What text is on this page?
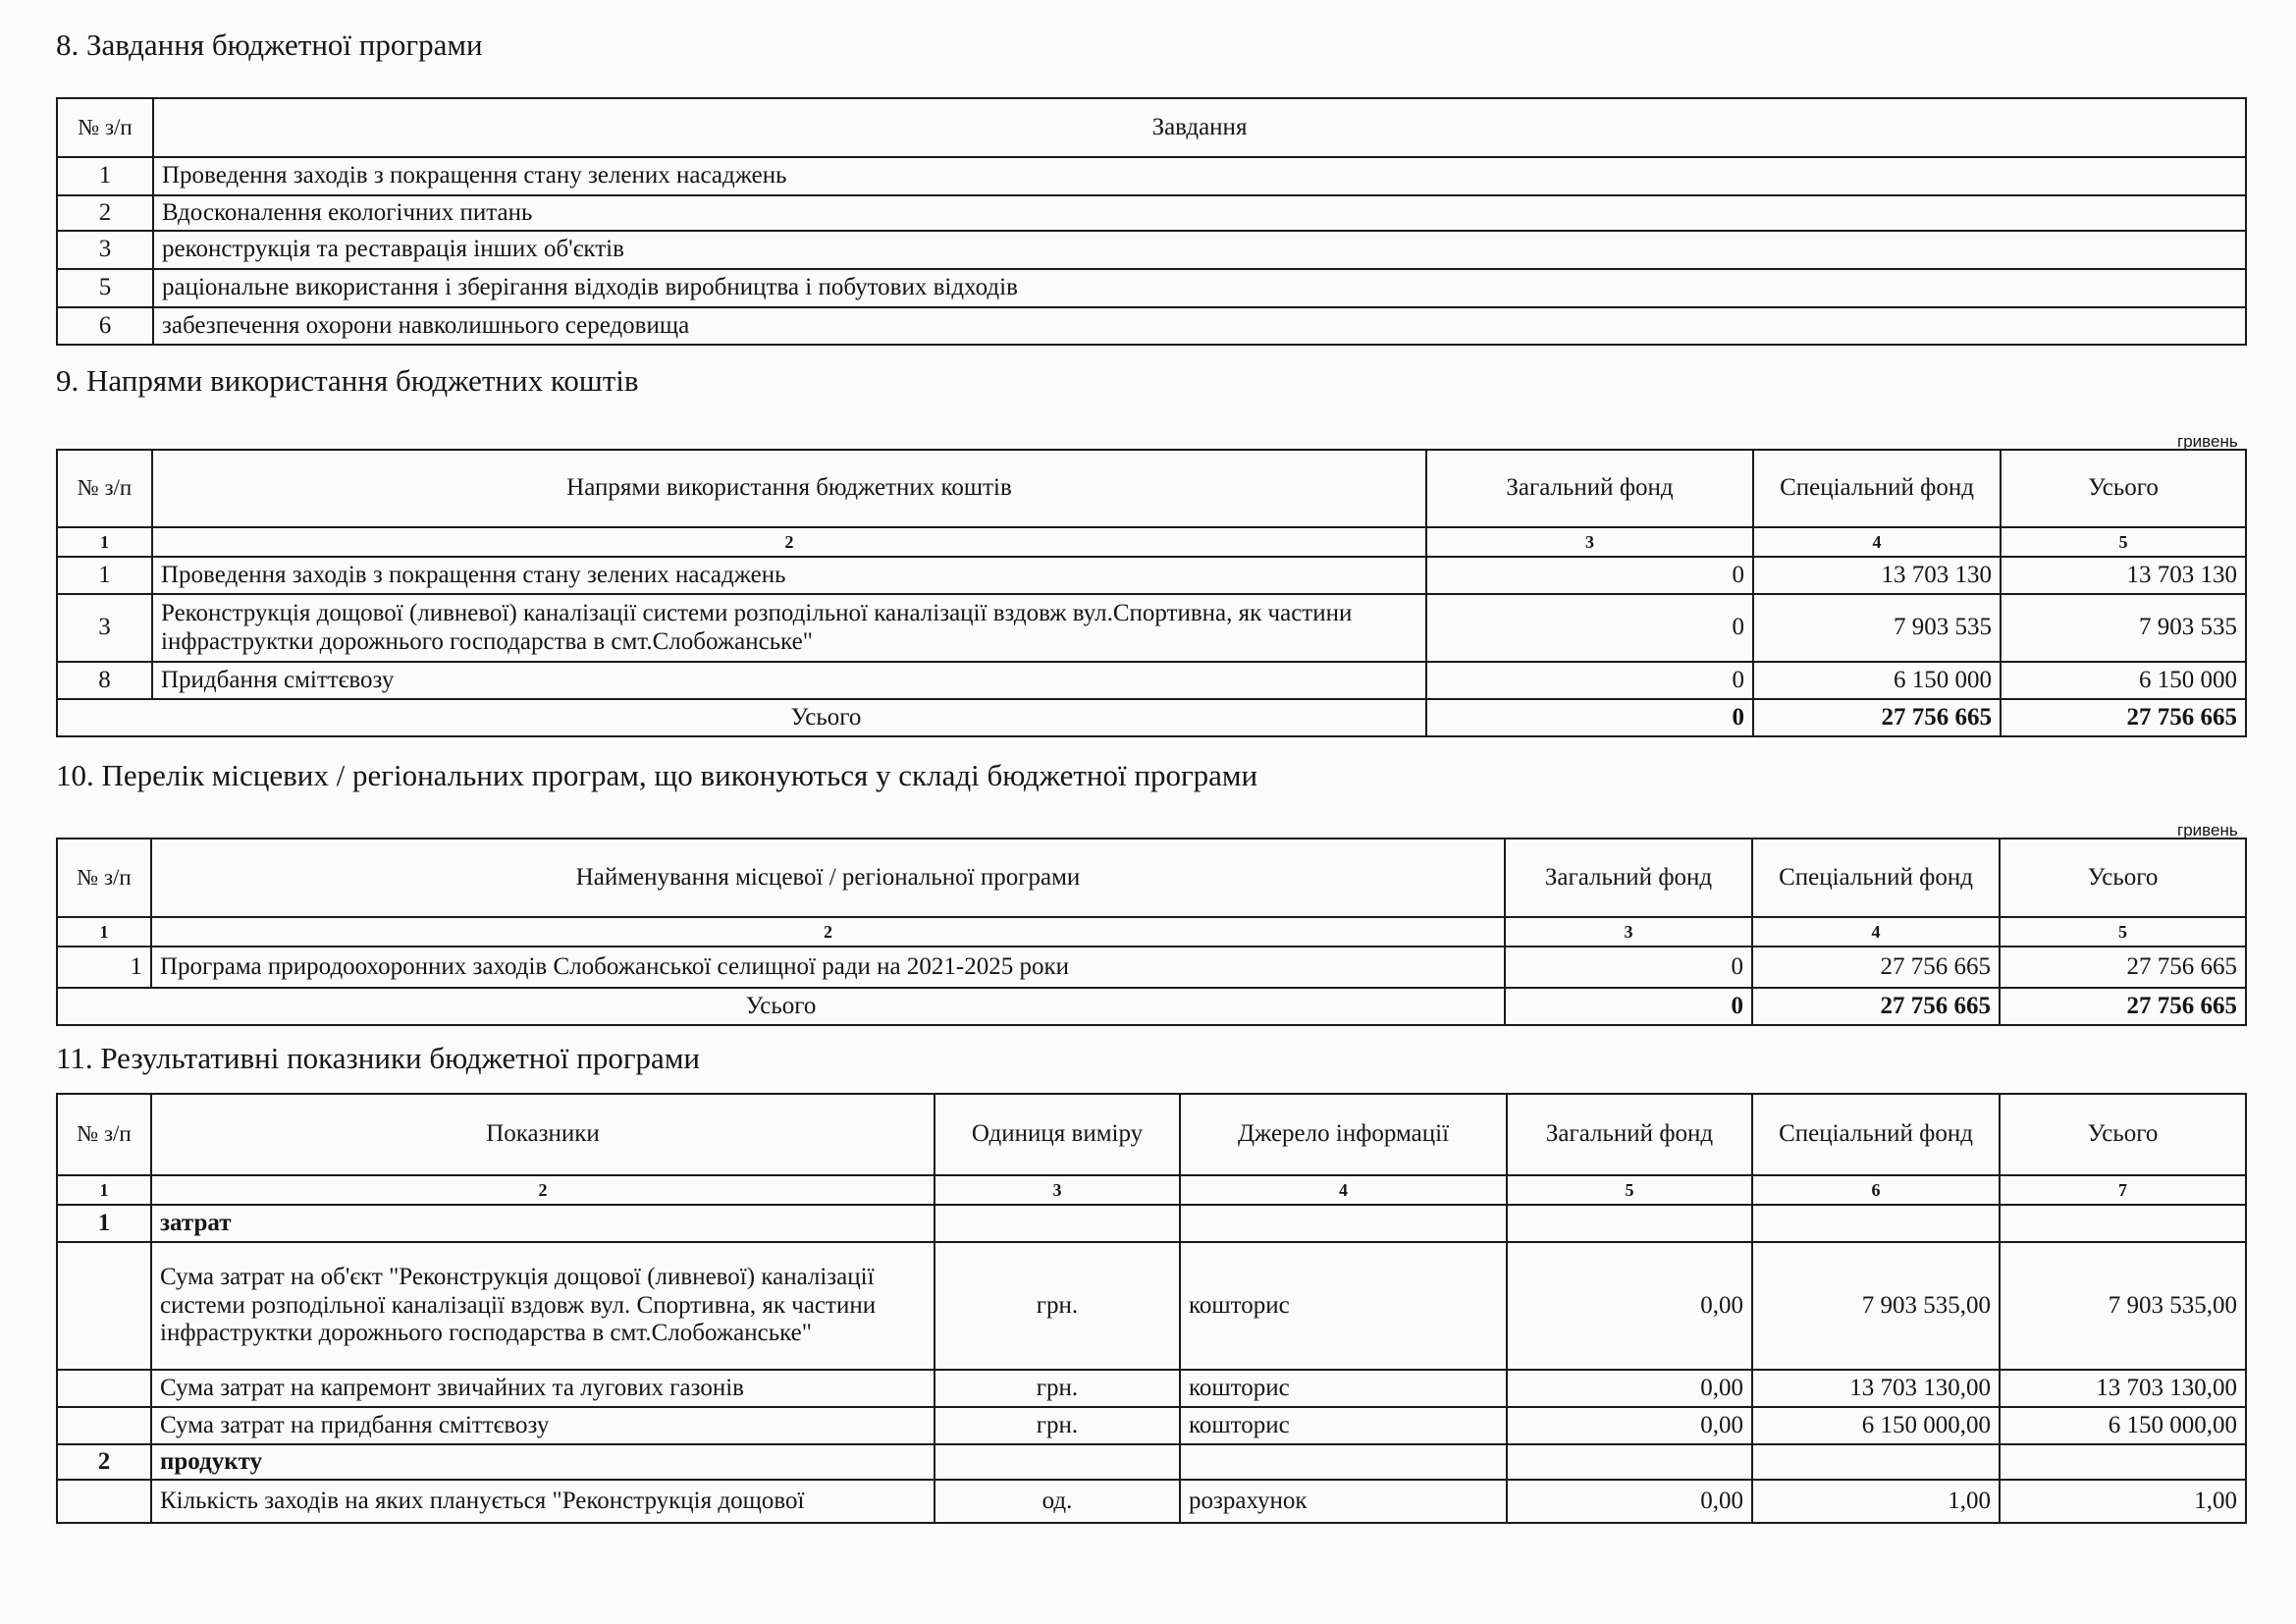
8. Завдання бюджетної програми
№ з/п	Завдання
1	Проведення заходів з покращення стану зелених насаджень
2	Вдосконалення екологічних питань
3	реконструкція та реставрація інших об'єктів
5	раціональне використання і зберігання відходів виробництва і побутових відходів
6	забезпечення охорони навколишнього середовища
9. Напрями використання бюджетних коштів
гривень
№ з/п	Напрями використання бюджетних коштів	Загальний фонд	Спеціальний фонд	Усього
1	2	3	4	5
1	Проведення заходів з покращення стану зелених насаджень	0	13 703 130	13 703 130
3	Реконструкція дощової (ливневої) каналізації системи розподільної каналізації вздовж вул.Спортивна, як частини інфраструктки дорожнього господарства в смт.Слобожанське"	0	7 903 535	7 903 535
8	Придбання сміттєвозу	0	6 150 000	6 150 000
Усього		0	27 756 665	27 756 665
10. Перелік місцевих / регіональних програм, що виконуються у складі бюджетної програми
гривень
№ з/п	Найменування місцевої / регіональної програми	Загальний фонд	Спеціальний фонд	Усього
1	2	3	4	5
1	Програма природоохоронних заходів Слобожанської селищної ради на 2021-2025 роки	0	27 756 665	27 756 665
Усього		0	27 756 665	27 756 665
11. Результативні показники бюджетної програми
№ з/п	Показники	Одиниця виміру	Джерело інформації	Загальний фонд	Спеціальний фонд	Усього
1	2	3	4	5	6	7
1	затрат					
	Сума затрат на об'єкт "Реконструкція дощової (ливневої) каналізації системи розподільної каналізації вздовж вул. Спортивна, як частини інфраструктки дорожнього господарства в смт.Слобожанське"	грн.	кошторис	0,00	7 903 535,00	7 903 535,00
	Сума затрат на капремонт звичайних та лугових газонів	грн.	кошторис	0,00	13 703 130,00	13 703 130,00
	Сума затрат на придбання сміттєвозу	грн.	кошторис	0,00	6 150 000,00	6 150 000,00
2	продукту					
	Кількість заходів на яких планується "Реконструкція дощової	од.	розрахунок	0,00	1,00	1,00
